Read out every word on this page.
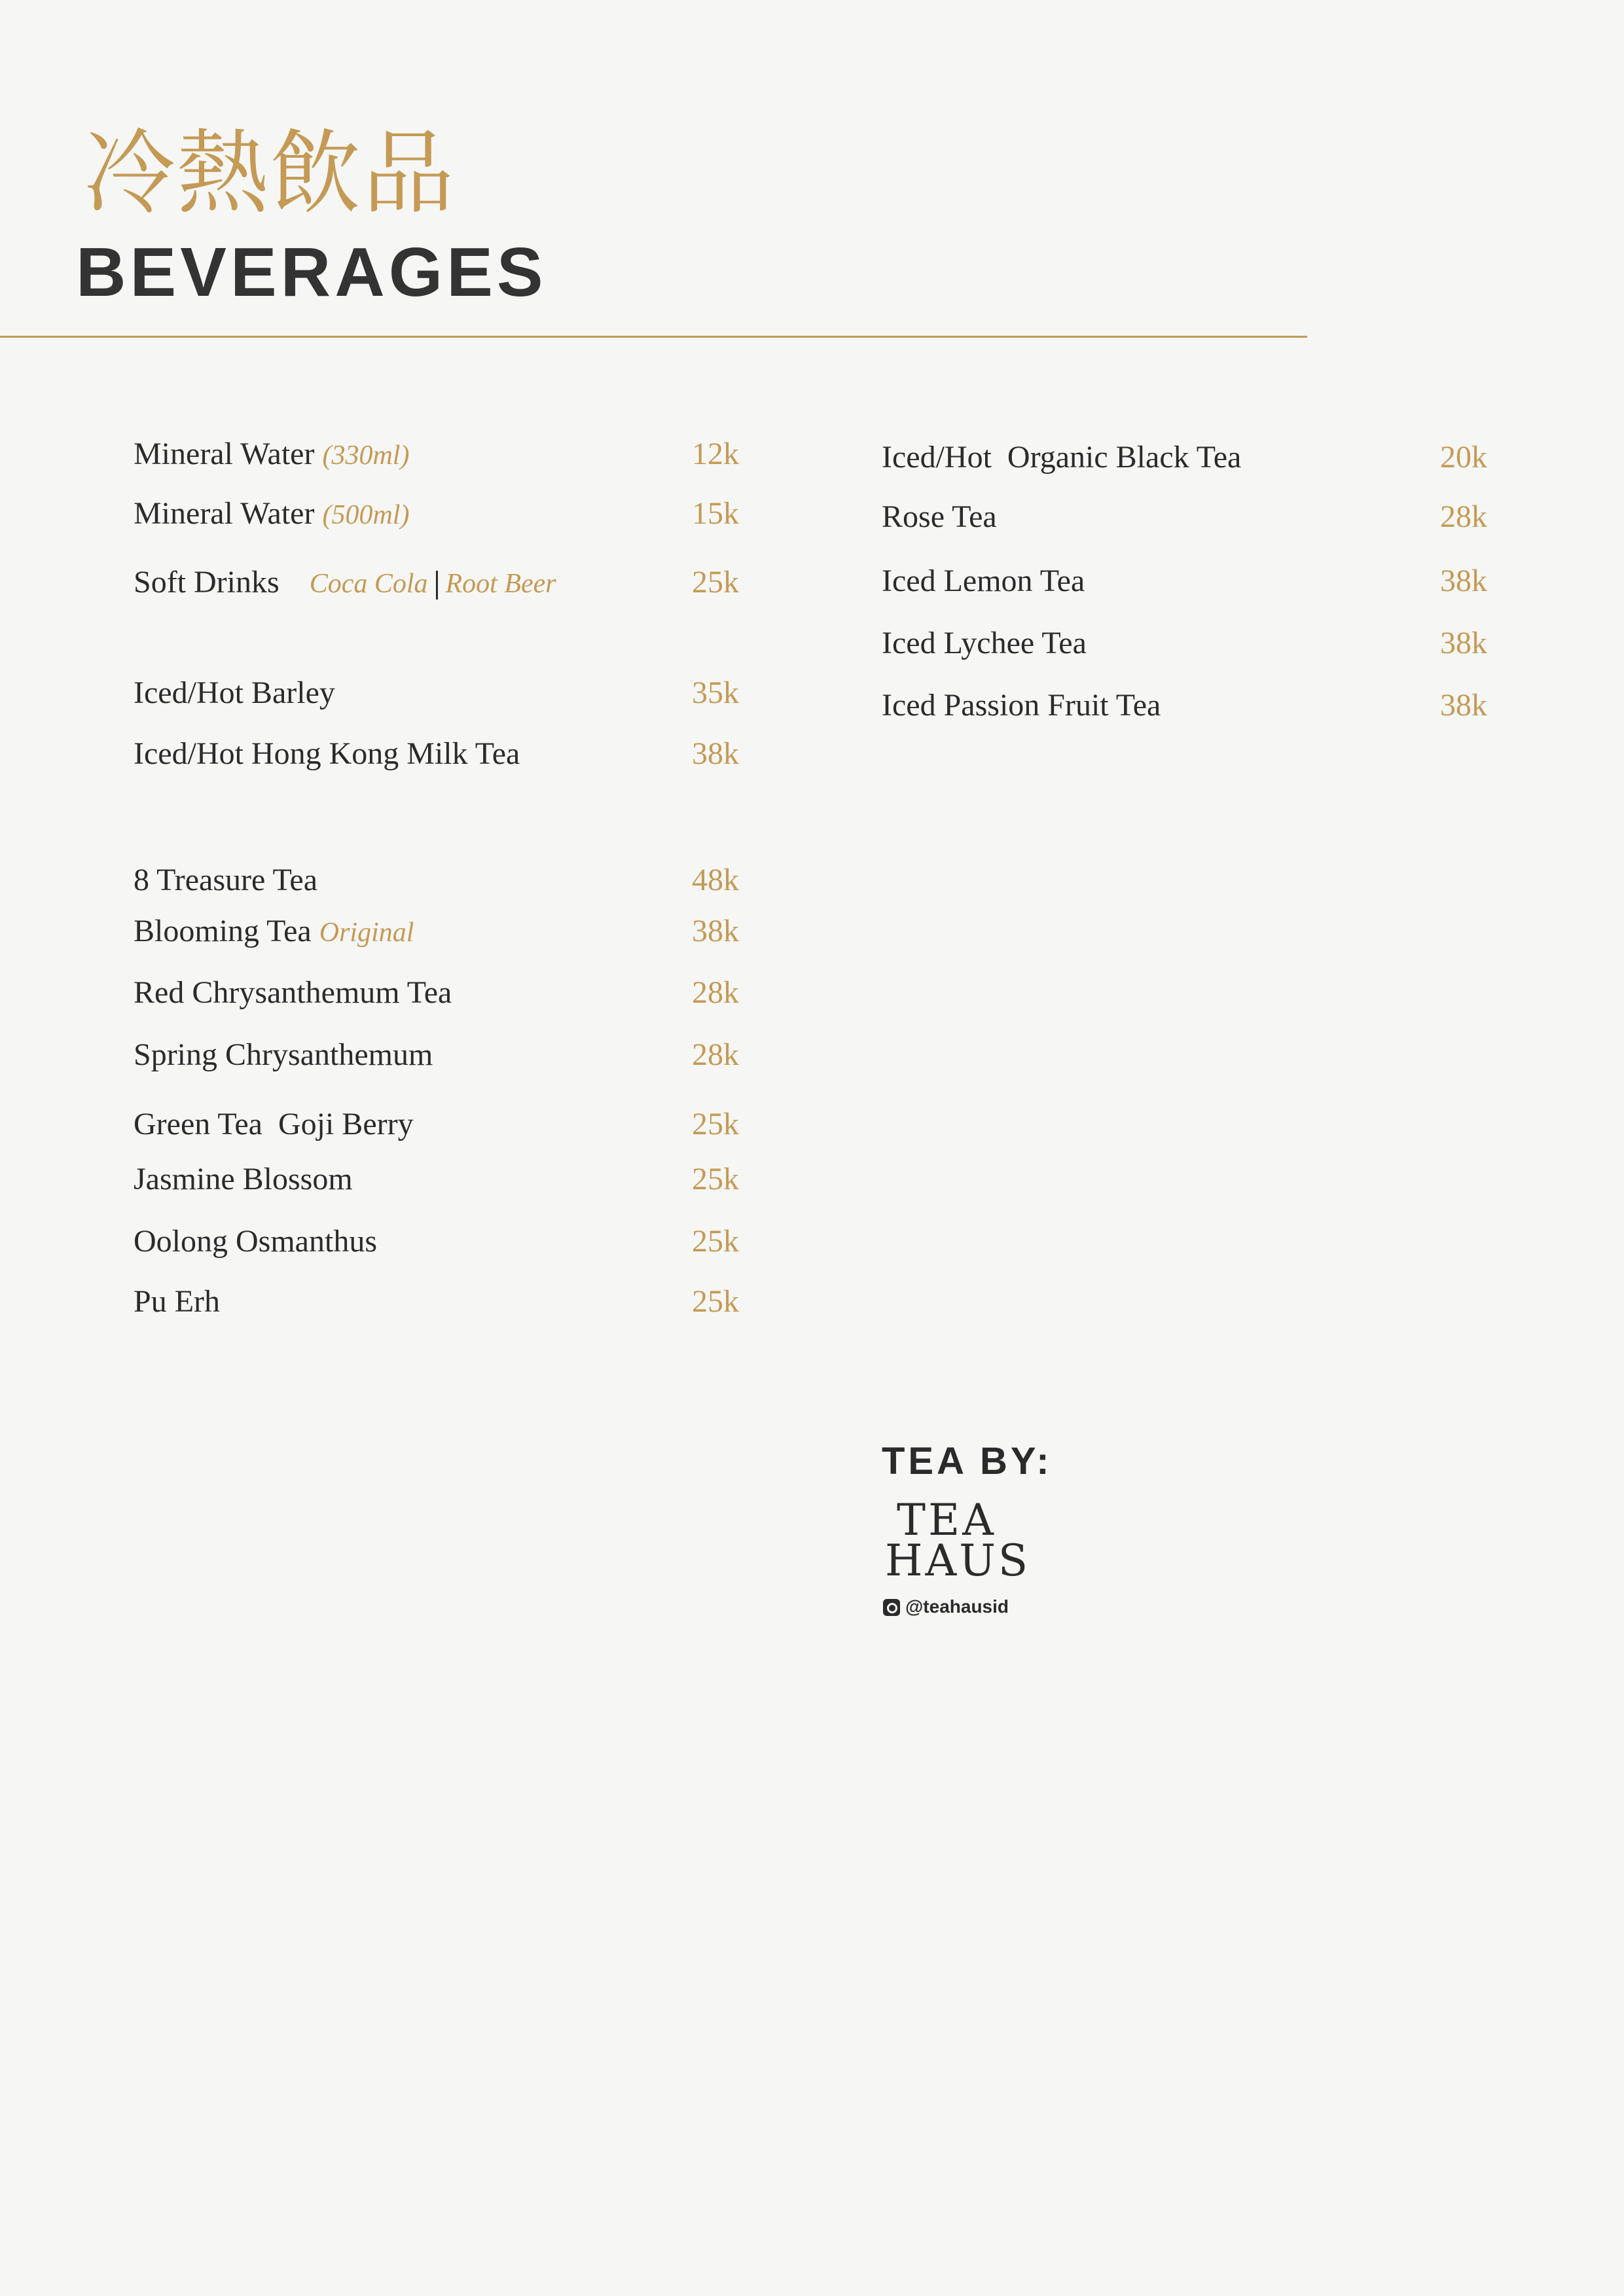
冷熱飲品
BEVERAGES
Mineral Water (330ml)	12k
Mineral Water (500ml)	15k
Soft Drinks Coca Cola Root Beer	25k
Iced/Hot Barley	35k
Iced/Hot Hong Kong Milk Tea	38k
8 Treasure Tea	48k
Blooming Tea Original	38k
Red Chrysanthemum Tea	28k
Spring Chrysanthemum	28k
Green Tea  Goji Berry	25k
Jasmine Blossom	25k
Oolong Osmanthus	25k
Pu Erh	25k
Iced/Hot  Organic Black Tea	20k
Rose Tea	28k
Iced Lemon Tea	38k
Iced Lychee Tea	38k
Iced Passion Fruit Tea	38k
TEA BY:
TEA
HAUS
@teahausid
